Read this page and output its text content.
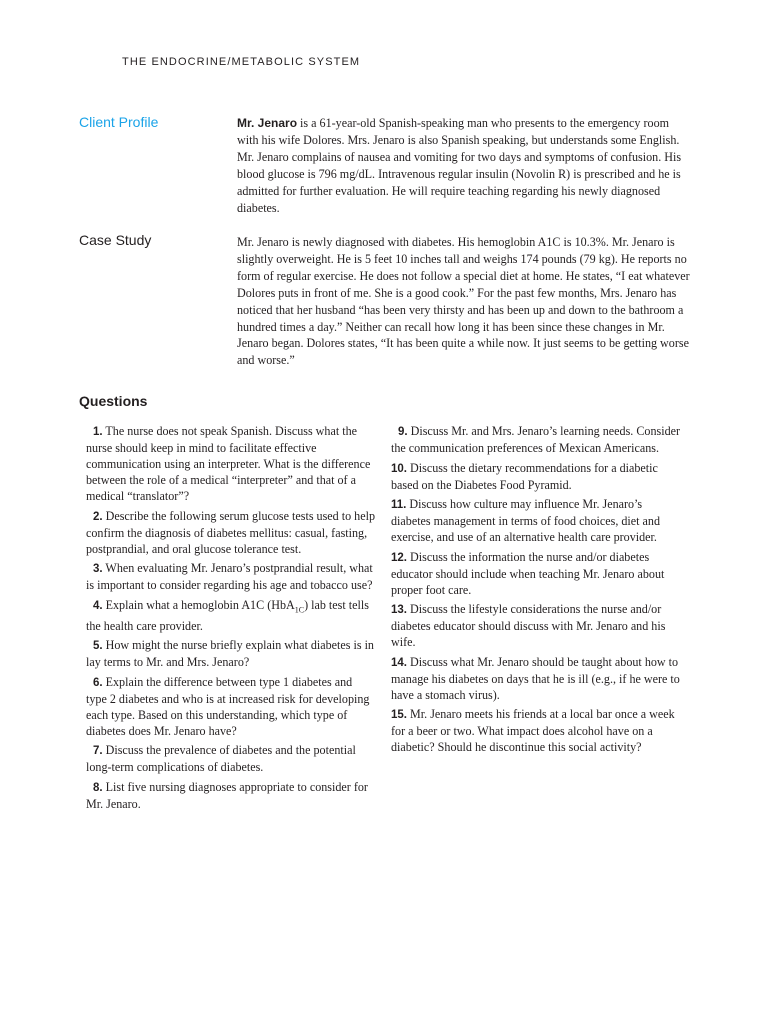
THE ENDOCRINE/METABOLIC SYSTEM
Client Profile	Mr. Jenaro is a 61-year-old Spanish-speaking man who presents to the emergency room with his wife Dolores. Mrs. Jenaro is also Spanish speaking, but understands some English. Mr. Jenaro complains of nausea and vomiting for two days and symptoms of confusion. His blood glucose is 796 mg/dL. Intravenous regular insulin (Novolin R) is prescribed and he is admitted for further evaluation. He will require teaching regarding his newly diagnosed diabetes.
Case Study	Mr. Jenaro is newly diagnosed with diabetes. His hemoglobin A1C is 10.3%. Mr. Jenaro is slightly overweight. He is 5 feet 10 inches tall and weighs 174 pounds (79 kg). He reports no form of regular exercise. He does not follow a special diet at home. He states, “I eat whatever Dolores puts in front of me. She is a good cook.” For the past few months, Mrs. Jenaro has noticed that her husband “has been very thirsty and has been up and down to the bathroom a hundred times a day.” Neither can recall how long it has been since these changes in Mr. Jenaro began. Dolores states, “It has been quite a while now. It just seems to be getting worse and worse.”
Questions

1. The nurse does not speak Spanish. Discuss what the nurse should keep in mind to facilitate effective communication using an interpreter. What is the difference between the role of a medical “interpreter” and that of a medical “translator”?

2. Describe the following serum glucose tests used to help confirm the diagnosis of diabetes mellitus: casual, fasting, postprandial, and oral glucose tolerance test.

3. When evaluating Mr. Jenaro’s postprandial result, what is important to consider regarding his age and tobacco use?

4. Explain what a hemoglobin A1C (HbA$_{1C}$) lab test tells the health care provider.

5. How might the nurse briefly explain what diabetes is in lay terms to Mr. and Mrs. Jenaro?

6. Explain the difference between type 1 diabetes and type 2 diabetes and who is at increased risk for developing each type. Based on this understanding, which type of diabetes does Mr. Jenaro have?

7. Discuss the prevalence of diabetes and the potential long-term complications of diabetes.

8. List five nursing diagnoses appropriate to consider for Mr. Jenaro.

9. Discuss Mr. and Mrs. Jenaro’s learning needs. Consider the communication preferences of Mexican Americans.

10. Discuss the dietary recommendations for a diabetic based on the Diabetes Food Pyramid.

11. Discuss how culture may influence Mr. Jenaro’s diabetes management in terms of food choices, diet and exercise, and use of an alternative health care provider.

12. Discuss the information the nurse and/or diabetes educator should include when teaching Mr. Jenaro about proper foot care.

13. Discuss the lifestyle considerations the nurse and/or diabetes educator should discuss with Mr. Jenaro and his wife.

14. Discuss what Mr. Jenaro should be taught about how to manage his diabetes on days that he is ill (e.g., if he were to have a stomach virus).

15. Mr. Jenaro meets his friends at a local bar once a week for a beer or two. What impact does alcohol have on a diabetic? Should he discontinue this social activity?
